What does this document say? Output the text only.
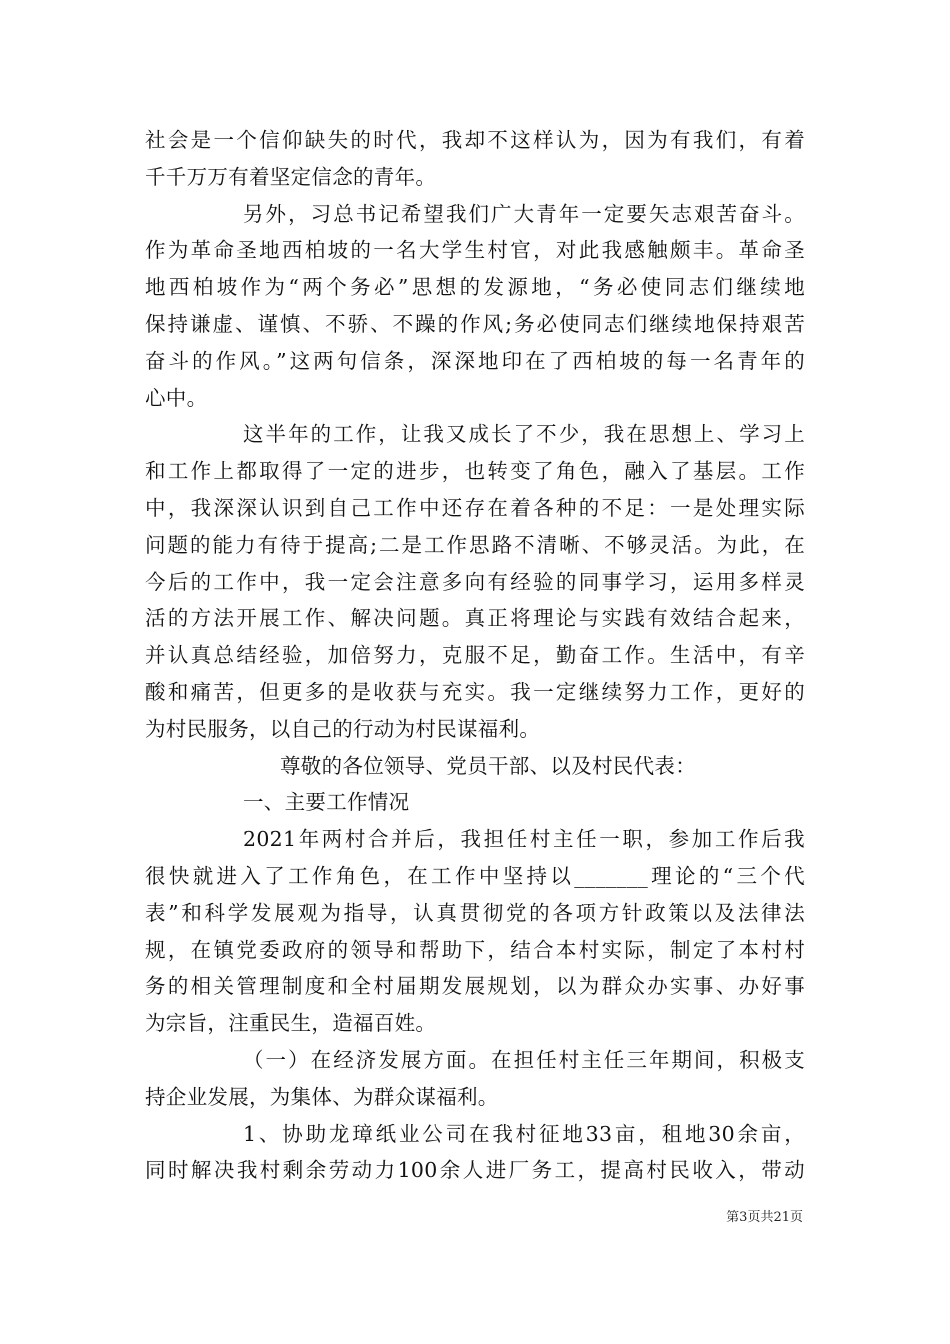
社会是一个信仰缺失的时代，我却不这样认为，因为有我们，有着
千千万万有着坚定信念的青年。

另外，习总书记希望我们广大青年一定要矢志艰苦奋斗。
作为革命圣地西柏坡的一名大学生村官，对此我感触颇丰。革命圣
地西柏坡作为“两个务必”思想的发源地，“务必使同志们继续地
保持谦虚、谨慎、不骄、不躁的作风;务必使同志们继续地保持艰苦
奋斗的作风。”这两句信条，深深地印在了西柏坡的每一名青年的
心中。

这半年的工作，让我又成长了不少，我在思想上、学习上
和工作上都取得了一定的进步，也转变了角色，融入了基层。工作
中，我深深认识到自己工作中还存在着各种的不足：一是处理实际
问题的能力有待于提高;二是工作思路不清晰、不够灵活。为此，在
今后的工作中，我一定会注意多向有经验的同事学习，运用多样灵
活的方法开展工作、解决问题。真正将理论与实践有效结合起来，
并认真总结经验，加倍努力，克服不足，勤奋工作。生活中，有辛
酸和痛苦，但更多的是收获与充实。我一定继续努力工作，更好的
为村民服务，以自己的行动为村民谋福利。

尊敬的各位领导、党员干部、以及村民代表：

一、主要工作情况

2021年两村合并后，我担任村主任一职，参加工作后我
很快就进入了工作角色，在工作中坚持以_______理论的“三个代
表”和科学发展观为指导，认真贯彻党的各项方针政策以及法律法
规，在镇党委政府的领导和帮助下，结合本村实际，制定了本村村
务的相关管理制度和全村届期发展规划，以为群众办实事、办好事
为宗旨，注重民生，造福百姓。

（一）在经济发展方面。在担任村主任三年期间，积极支
持企业发展，为集体、为群众谋福利。

1、协助龙璋纸业公司在我村征地33亩，租地30余亩，
同时解决我村剩余劳动力100余人进厂务工，提高村民收入，带动

第3页共21页
